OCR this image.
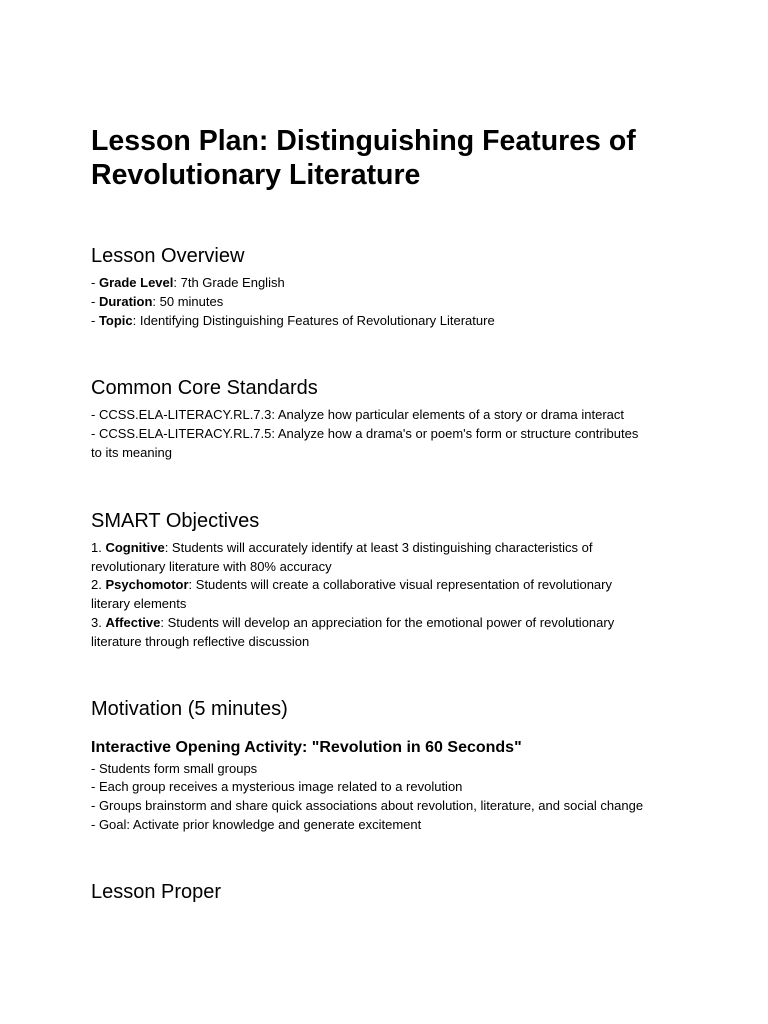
Lesson Plan: Distinguishing Features of Revolutionary Literature
Lesson Overview
- Grade Level: 7th Grade English
- Duration: 50 minutes
- Topic: Identifying Distinguishing Features of Revolutionary Literature
Common Core Standards
- CCSS.ELA-LITERACY.RL.7.3: Analyze how particular elements of a story or drama interact
- CCSS.ELA-LITERACY.RL.7.5: Analyze how a drama's or poem's form or structure contributes
to its meaning
SMART Objectives
1. Cognitive: Students will accurately identify at least 3 distinguishing characteristics of
revolutionary literature with 80% accuracy
2. Psychomotor: Students will create a collaborative visual representation of revolutionary
literary elements
3. Affective: Students will develop an appreciation for the emotional power of revolutionary
literature through reflective discussion
Motivation (5 minutes)
Interactive Opening Activity: "Revolution in 60 Seconds"
- Students form small groups
- Each group receives a mysterious image related to a revolution
- Groups brainstorm and share quick associations about revolution, literature, and social change
- Goal: Activate prior knowledge and generate excitement
Lesson Proper
